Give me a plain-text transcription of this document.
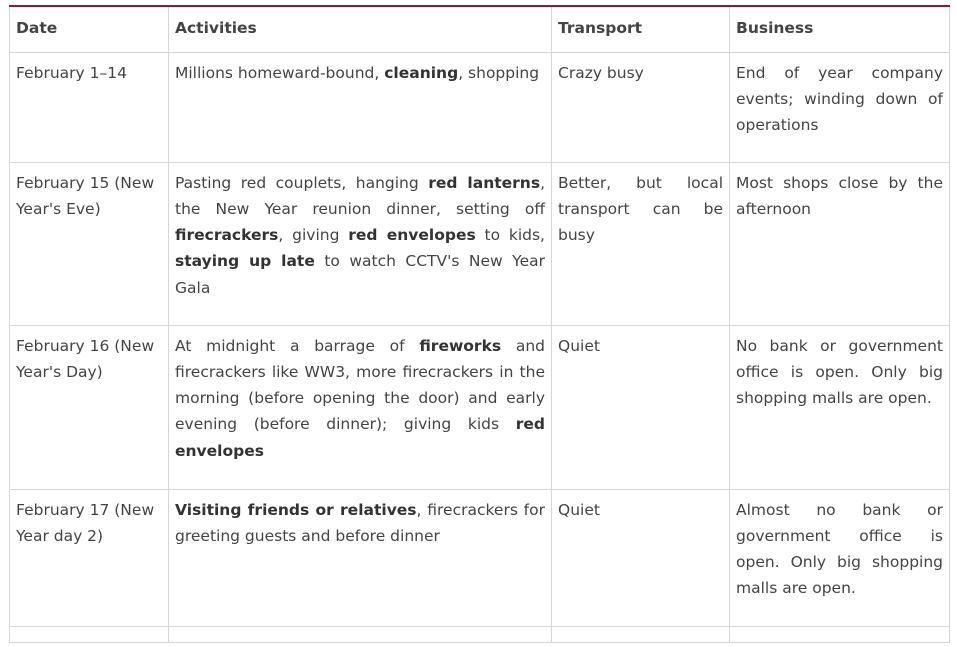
Date	Activities	Transport	Business
February 1–14	Millions homeward-bound, cleaning, shopping	Crazy busy	End of year company events; winding down of operations
February 15 (New Year's Eve)	Pasting red couplets, hanging red lanterns, the New Year reunion dinner, setting off firecrackers, giving red envelopes to kids, staying up late to watch CCTV's New Year Gala	Better, but local transport can be busy	Most shops close by the afternoon
February 16 (New Year's Day)	At midnight a barrage of fireworks and firecrackers like WW3, more firecrackers in the morning (before opening the door) and early evening (before dinner); giving kids red envelopes	Quiet	No bank or government office is open. Only big shopping malls are open.
February 17 (New Year day 2)	Visiting friends or relatives, firecrackers for greeting guests and before dinner	Quiet	Almost no bank or government office is open. Only big shopping malls are open.
